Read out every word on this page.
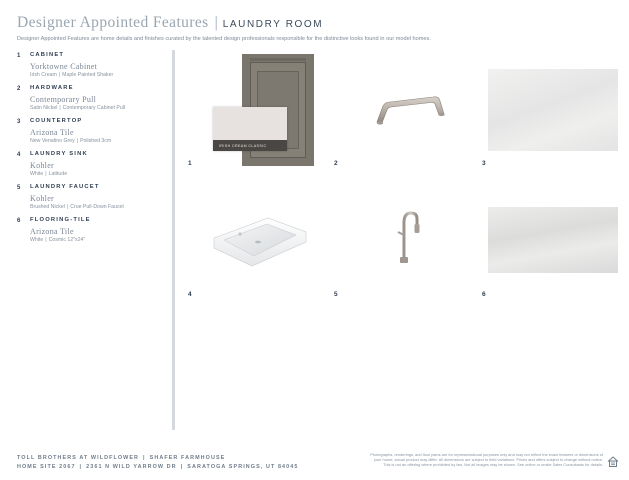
Designer Appointed Features | LAUNDRY ROOM
Designer Appointed Features are home details and finishes curated by the talented design professionals responsible for the distinctive looks found in our model homes.
1	CABINET
Yorktowne Cabinet
Irish Cream | Maple Painted Shaker
2	HARDWARE
Contemporary Pull
Satin Nickel | Contemporary Cabinet Pull
3	COUNTERTOP
Arizona Tile
New Venatino Grey | Polished 3cm
4	LAUNDRY SINK
Kohler
White | Latitude
5	LAUNDRY FAUCET
Kohler
Brushed Nickel | Crue Pull-Down Faucet
6	FLOORING-TILE
Arizona Tile
White | Cosmic 12"x24"
IRISH CREAM CLASSIC
1	2	3
4	5	6
TOLL BROTHERS AT WILDFLOWER | SHAFER FARMHOUSE
HOME SITE 2067 | 2361 N WILD YARROW DR | SARATOGA SPRINGS, UT 84045
Photographs, renderings, and floor plans are for representational purposes only and may not reflect the exact features or dimensions of
your home; actual product may differ. All dimensions are subject to field variations. Prices and offers subject to change without notice.
This is not an offering where prohibited by law. Not all images may be shown. See online or onsite Sales Consultants for details.
